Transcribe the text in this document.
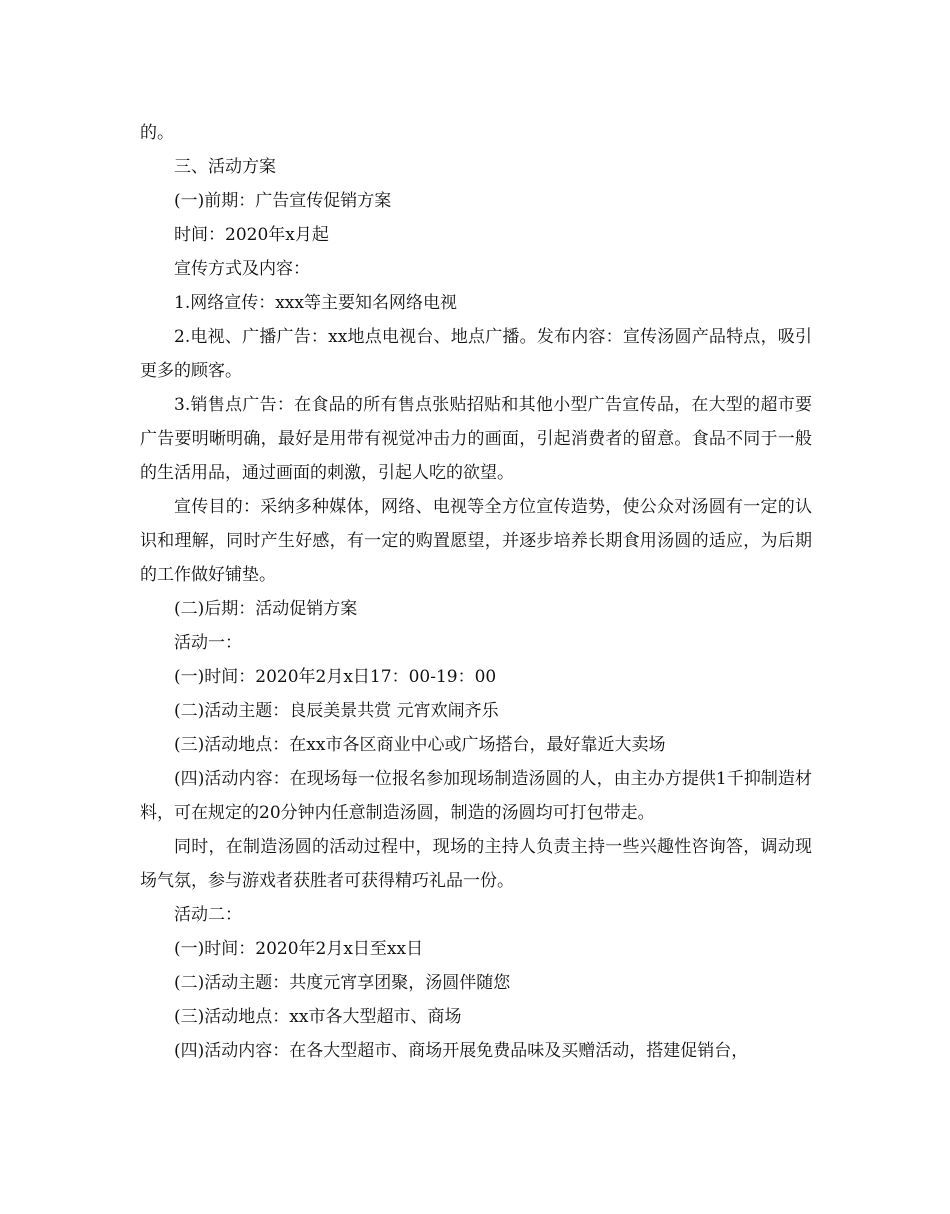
的。

三、活动方案

(一)前期：广告宣传促销方案

时间：2020年x月起

宣传方式及内容：

1.网络宣传：xxx等主要知名网络电视

2.电视、广播广告：xx地点电视台、地点广播。发布内容：宣传汤圆产品特点，吸引更多的顾客。

3.销售点广告：在食品的所有售点张贴招贴和其他小型广告宣传品，在大型的超市要广告要明晰明确，最好是用带有视觉冲击力的画面，引起消费者的留意。食品不同于一般的生活用品，通过画面的刺激，引起人吃的欲望。

宣传目的：采纳多种媒体，网络、电视等全方位宣传造势，使公众对汤圆有一定的认识和理解，同时产生好感，有一定的购置愿望，并逐步培养长期食用汤圆的适应，为后期的工作做好铺垫。

(二)后期：活动促销方案

活动一：

(一)时间：2020年2月x日17：00-19：00

(二)活动主题：良辰美景共赏 元宵欢闹齐乐

(三)活动地点：在xx市各区商业中心或广场搭台，最好靠近大卖场

(四)活动内容：在现场每一位报名参加现场制造汤圆的人，由主办方提供1千抑制造材料，可在规定的20分钟内任意制造汤圆，制造的汤圆均可打包带走。

同时，在制造汤圆的活动过程中，现场的主持人负责主持一些兴趣性咨询答，调动现场气氛，参与游戏者获胜者可获得精巧礼品一份。

活动二：

(一)时间：2020年2月x日至xx日

(二)活动主题：共度元宵享团聚，汤圆伴随您

(三)活动地点：xx市各大型超市、商场

(四)活动内容：在各大型超市、商场开展免费品味及买赠活动，搭建促销台，
